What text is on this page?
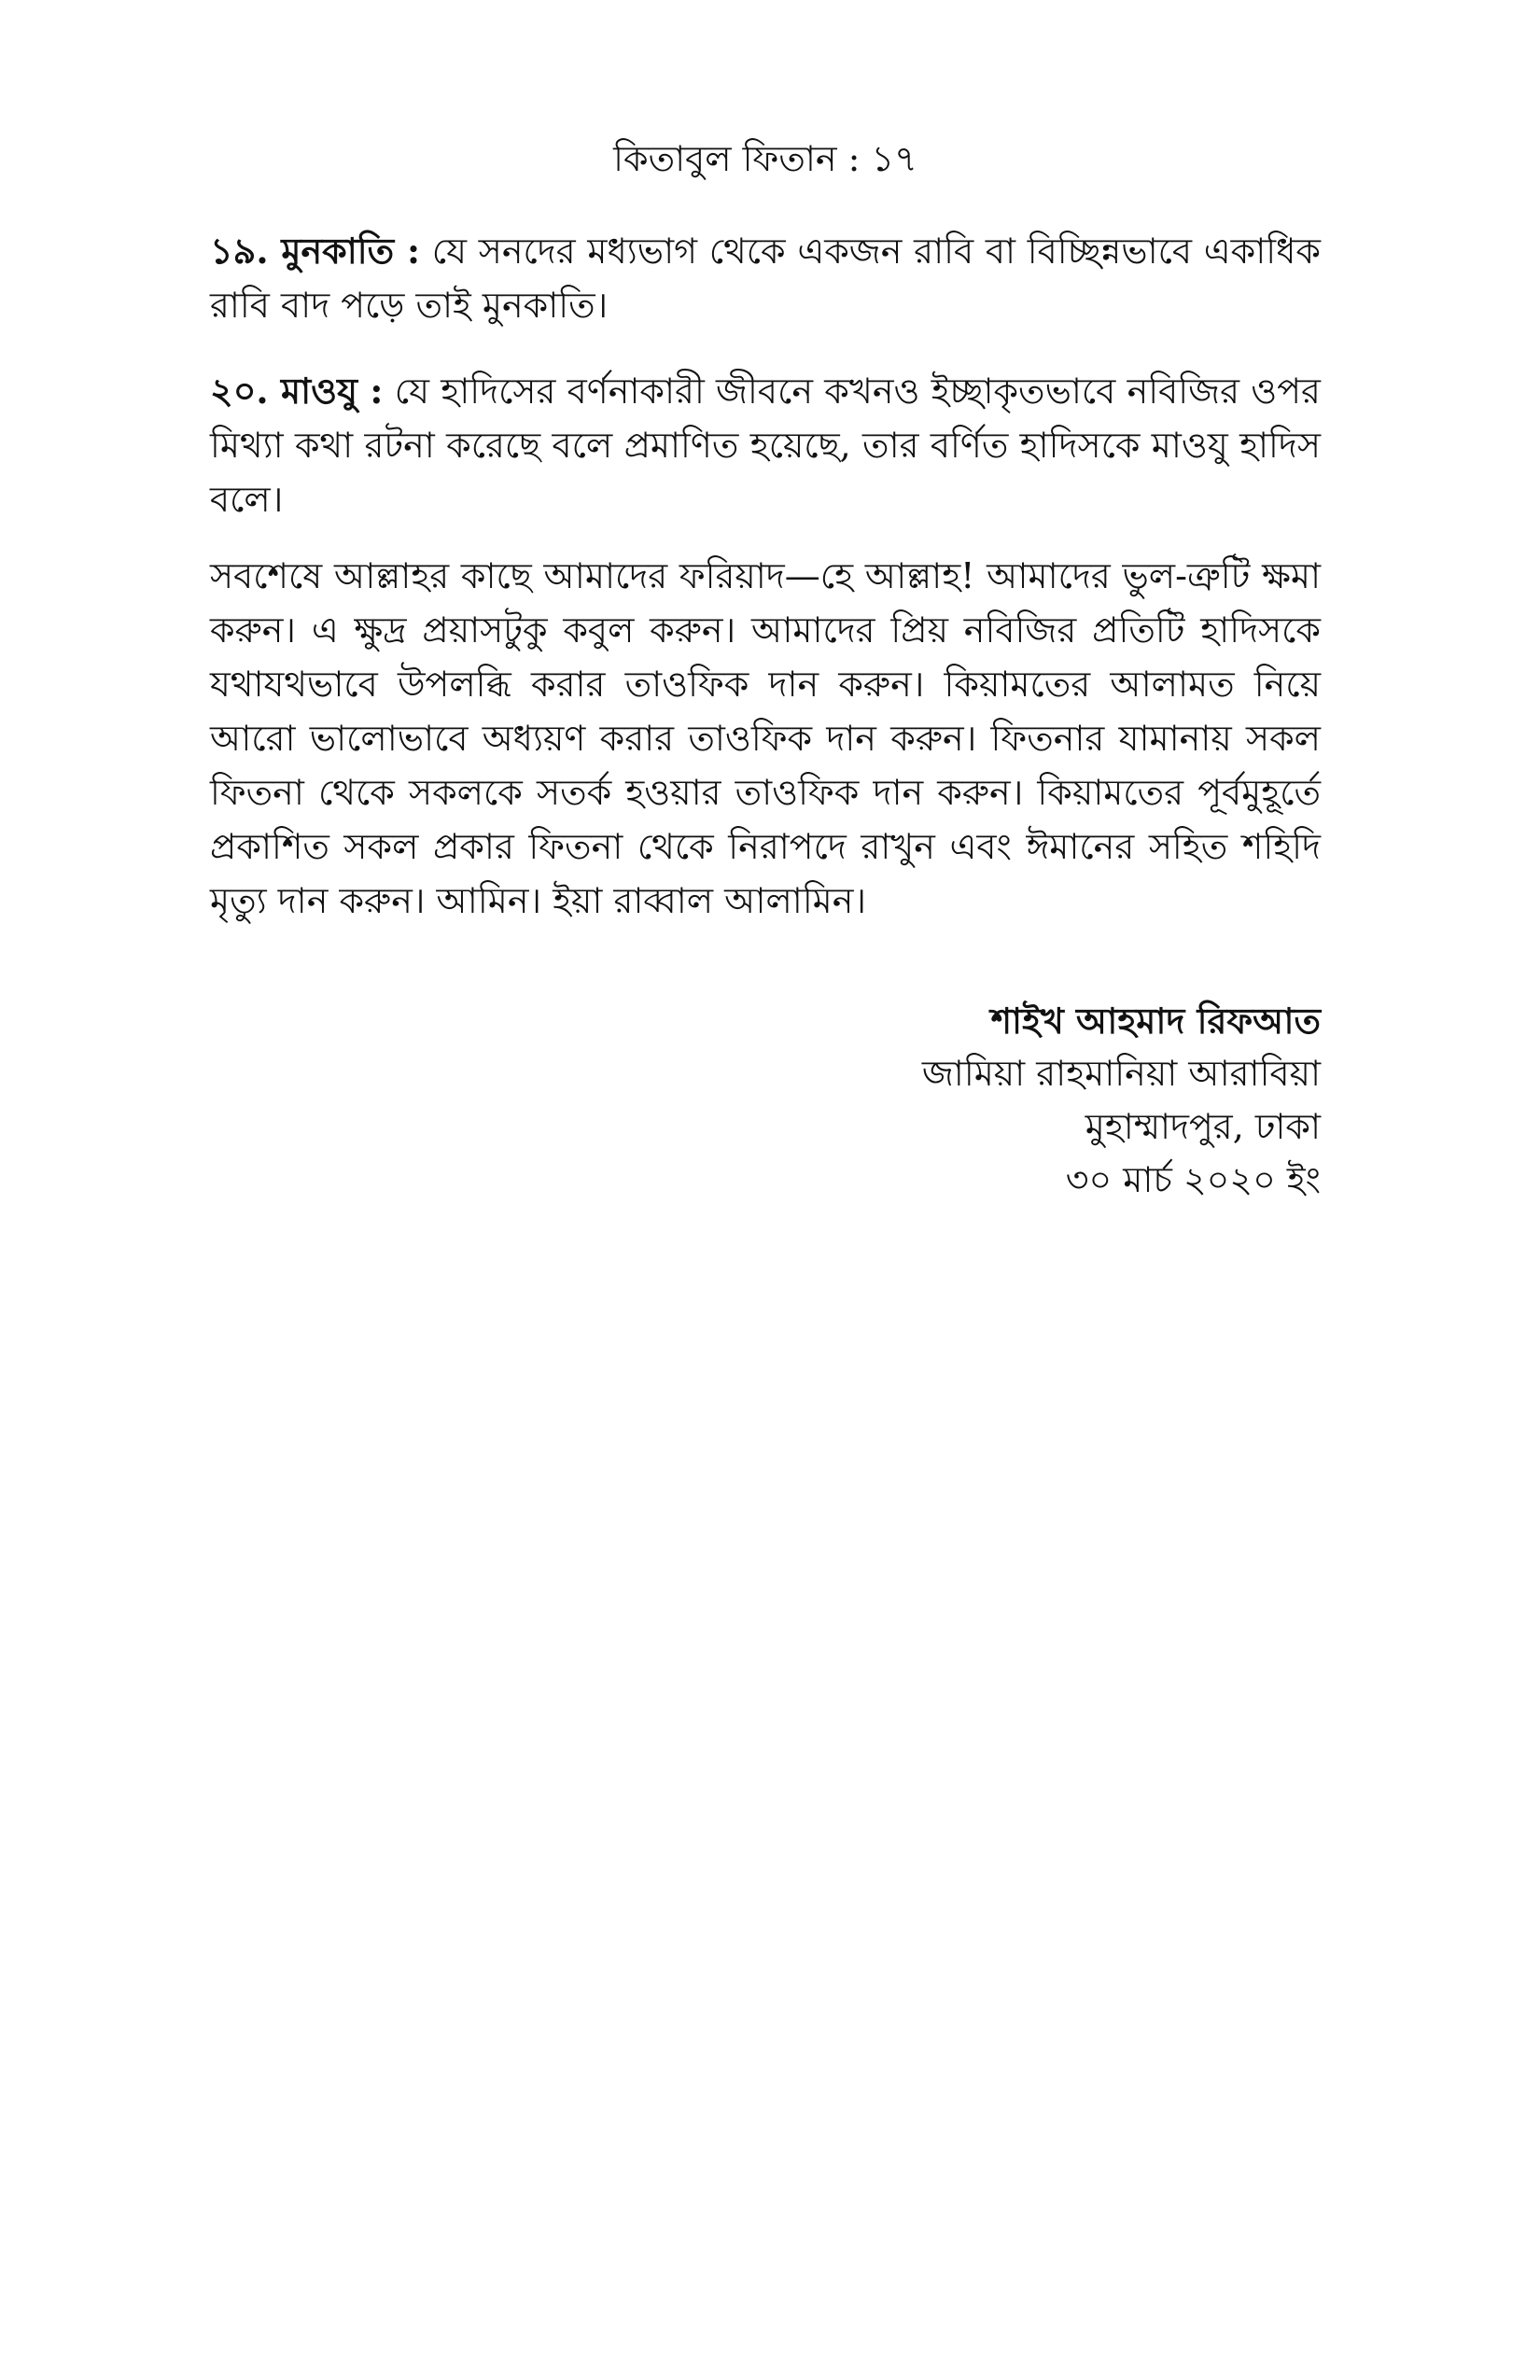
কিতাবুল ফিতান : ১৭

১৯. মুনকাতি : যে সনদের মধ্যভাগ থেকে একজন রাবি বা বিচ্ছিন্নভাবে একাধিক রাবি বাদ পড়ে তাই মুনকাতি।

২০. মাওযু : যে হাদিসের বর্ণনাকারী জীবনে কখনও ইচ্ছাকৃতভাবে নবিজির ওপর মিথ্যা কথা রটনা করেছে বলে প্রমাণিত হয়েছে, তার বর্ণিত হাদিসকে মাওযু হাদিস বলে।

সবশেষে আল্লাহর কাছে আমাদের ফরিয়াদ—হে আল্লাহ! আমাদের ভুল-ত্রুটি ক্ষমা করুন। এ ক্ষুদ্র প্রয়াসটুকু কবুল করুন। আমাদের প্রিয় নবিজির প্রতিটি হাদিসকে যথাযথভাবে উপলব্ধি করার তাওফিক দান করুন। কিয়ামতের আলামত নিয়ে আরো ভালোভাবে অধ্যয়ণ করার তাওফিক দান করুন। ফিতনার যামানায় সকল ফিতনা থেকে সকলকে সতর্ক হওয়ার তাওফিক দান করুন। কিয়ামতের পূর্বমুহূর্তে প্রকাশিত সকল প্রকার ফিতনা থেকে নিরাপদে রাখুন এবং ঈমানের সহিত শহিদি মৃত্যু দান করুন। আমিন। ইয়া রাব্বাল আলামিন।

শাইখ আহমাদ রিফআত
জামিয়া রাহমানিয়া আরাবিয়া
মুহাম্মাদপুর, ঢাকা
৩০ মার্চ ২০২০ ইং
